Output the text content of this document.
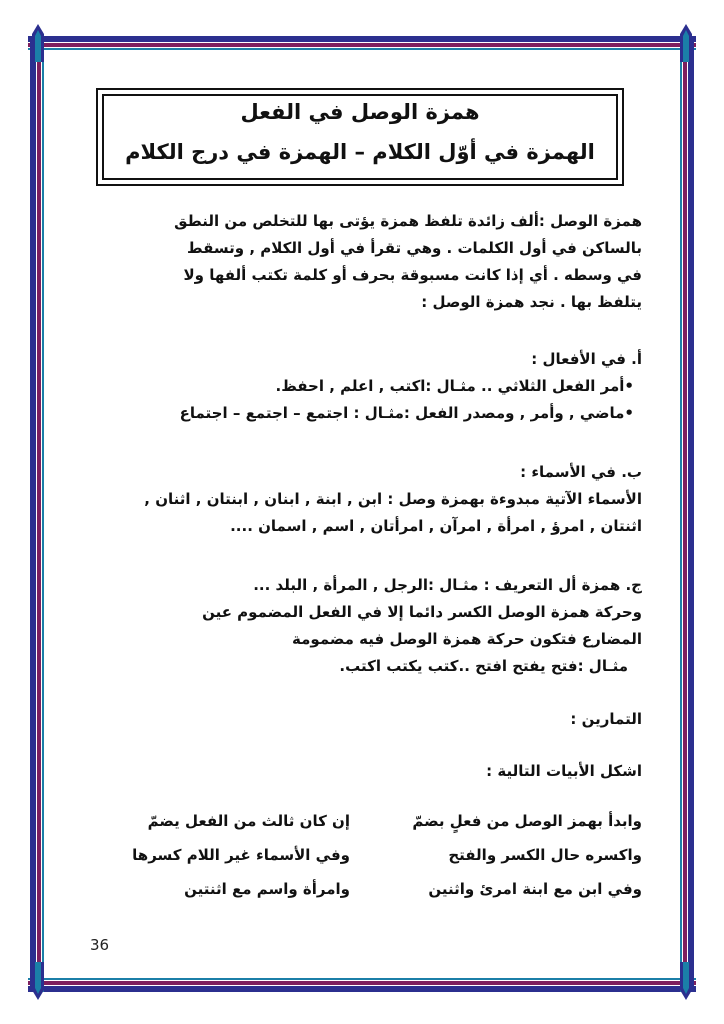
همزة الوصل في الفعل
الهمزة في أوّل الكلام – الهمزة في درج الكلام
همزة الوصل :ألف زائدة تلفظ همزة يؤتى بها للتخلص من النطق
بالساكن في أول الكلمات . وهي تقرأ في أول الكلام , وتسقط
في وسطه . أي إذا كانت مسبوقة بحرف أو كلمة تكتب ألفها ولا
يتلفظ بها . نجد همزة الوصل :
أ. في الأفعال :
•أمر الفعل الثلاثي .. مثـال :اكتب , اعلم , احفظ.
•ماضي , وأمر , ومصدر الفعل :مثـال : اجتمع – اجتمع – اجتماع
ب. في الأسماء :
الأسماء الآتية مبدوءة بهمزة وصل : ابن , ابنة , ابنان , ابنتان , اثنان ,
اثنتان , امرؤ , امرأة , امرآن , امرأتان , اسم , اسمان ....
ج. همزة أل التعريف : مثـال :الرجل , المرأة , البلد ...
وحركة همزة الوصل الكسر دائما إلا في الفعل المضموم عين
المضارع فتكون حركة همزة الوصل فيه مضمومة
مثـال :فتح يفتح افتح ..كتب يكتب اكتب.
التمارين :
اشكل الأبيات التالية :
وابدأ بهمز الوصل من فعلٍ بضمّ
إن كان ثالث من الفعل يضمّ
واكسره حال الكسر والفتح
وفي الأسماء غير اللام كسرها
وفي ابن مع ابنة امرئ واثنين
وامرأة واسم مع اثنتين
36
